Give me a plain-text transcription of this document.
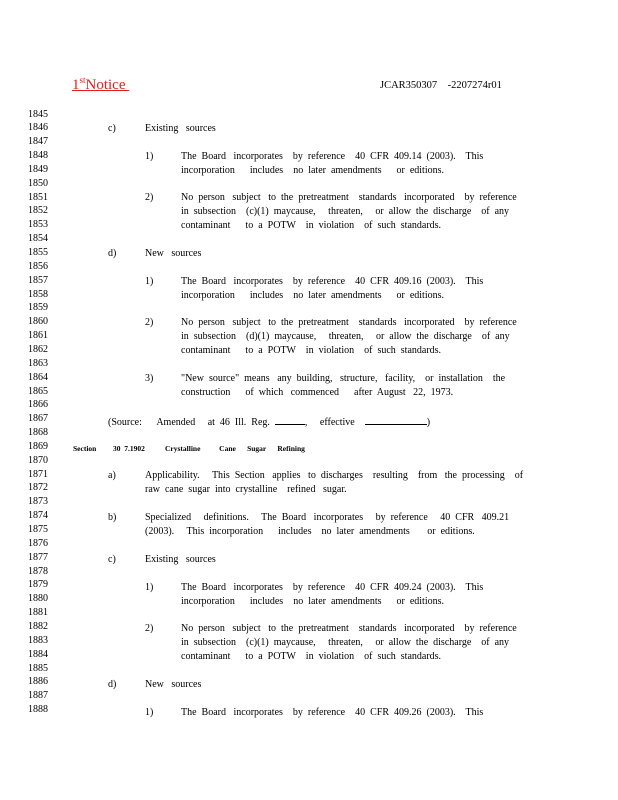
1stNotice	JCAR350307    -2207274r01
1845
1846
1847
1848
1849
1850
1851
1852
1853
1854
1855
1856
1857
1858
1859
1860
1861
1862
1863
1864
1865
1866
1867
1868
1869
1870
1871
1872
1873
1874
1875
1876
1877
1878
1879
1880
1881
1882
1883
1884
1885
1886
1887
1888
c)	Existing   sources
1)	The  Board   incorporates    by  reference    40  CFR  409.14  (2003).    This
incorporation      includes    no  later  amendments      or  editions.
2)	No  person   subject   to  the  pretreatment    standards   incorporated    by  reference
in  subsection    (c)(1)  maycause,     threaten,     or  allow  the  discharge    of  any
contaminant      to  a  POTW    in  violation    of  such  standards.
d)	New   sources
1)	The  Board   incorporates    by  reference    40  CFR  409.16  (2003).    This
incorporation      includes    no  later  amendments      or  editions.
2)	No  person   subject   to  the  pretreatment    standards   incorporated    by  reference
in  subsection    (d)(1)  maycause,     threaten,     or  allow  the  discharge    of  any
contaminant      to  a  POTW    in  violation    of  such  standards.
3)	"New  source"  means   any  building,   structure,   facility,    or  installation    the
construction      of  which   commenced      after  August   22,  1973.
(Source:      Amended     at  46  Ill.  Reg.	,     effective	)
Section 30  7.1902	Crystalline          Cane      Sugar      Refining
a)	Applicability.     This  Section   applies   to  discharges    resulting    from   the  processing    of
raw  cane  sugar  into  crystalline    refined   sugar.
b)	Specialized     definitions.     The  Board   incorporates     by  reference     40  CFR   409.21
(2003).     This  incorporation      includes    no  later  amendments       or  editions.
c)	Existing   sources
1)	The  Board   incorporates    by  reference    40  CFR  409.24  (2003).    This
incorporation      includes    no  later  amendments      or  editions.
2)	No  person   subject   to  the  pretreatment    standards   incorporated    by  reference
in  subsection    (c)(1)  maycause,     threaten,     or  allow  the  discharge    of  any
contaminant      to  a  POTW    in  violation    of  such  standards.
d)	New   sources
1)	The  Board   incorporates    by  reference    40  CFR  409.26  (2003).    This
